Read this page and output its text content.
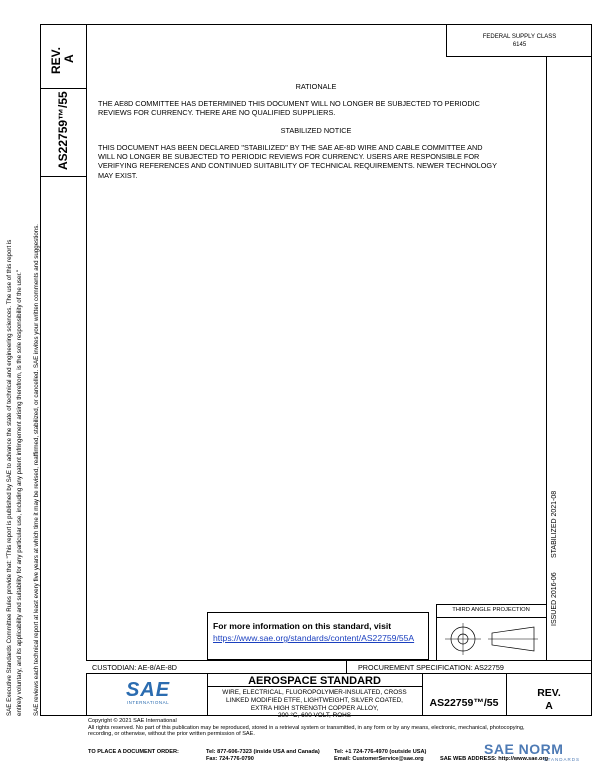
SAE Executive Standards Committee Rules provide that: "This report is published by SAE to advance the state of technical and engineering sciences. The use of this report is entirely voluntary, and its applicability and suitability for any particular use, including any patent infringement arising therefrom, is the sole responsibility of the user." SAE reviews each technical report at least every five years at which time it may be revised, reaffirmed, stabilized, or cancelled. SAE invites your written comments and suggestions.
REV. A
AS22759™/55
FEDERAL SUPPLY CLASS
6145
RATIONALE
THE AE8D COMMITTEE HAS DETERMINED THIS DOCUMENT WILL NO LONGER BE SUBJECTED TO PERIODIC
REVIEWS FOR CURRENCY. THERE ARE NO QUALIFIED SUPPLIERS.
STABILIZED NOTICE
THIS DOCUMENT HAS BEEN DECLARED "STABILIZED" BY THE SAE AE-8D WIRE AND CABLE COMMITTEE AND
WILL NO LONGER BE SUBJECTED TO PERIODIC REVIEWS FOR CURRENCY. USERS ARE RESPONSIBLE FOR
VERIFYING REFERENCES AND CONTINUED SUITABILITY OF TECHNICAL REQUIREMENTS. NEWER TECHNOLOGY
MAY EXIST.
ISSUED 2016-06
STABILIZED 2021-08
For more information on this standard, visit
https://www.sae.org/standards/content/AS22759/55A
THIRD ANGLE PROJECTION
CUSTODIAN: AE-8/AE-8D	PROCUREMENT SPECIFICATION: AS22759
SAE
INTERNATIONAL
AEROSPACE STANDARD
WIRE, ELECTRICAL, FLUOROPOLYMER-INSULATED, CROSS
LINKED MODIFIED ETFE, LIGHTWEIGHT, SILVER COATED,
EXTRA HIGH STRENGTH COPPER ALLOY,
200 °C, 600 VOLT, ROHS
AS22759™/55
REV.
A
Copyright © 2021 SAE International
All rights reserved. No part of this publication may be reproduced, stored in a retrieval system or transmitted, in any form or by any means, electronic, mechanical, photocopying,
recording, or otherwise, without the prior written permission of SAE.
TO PLACE A DOCUMENT ORDER:	Tel: 877-606-7323 (inside USA and Canada)
Fax: 724-776-0790
Tel: +1 724-776-4970 (outside USA)
Email: CustomerService@sae.org	SAE WEB ADDRESS: http://www.sae.org
SAE NORM
STANDARDS
